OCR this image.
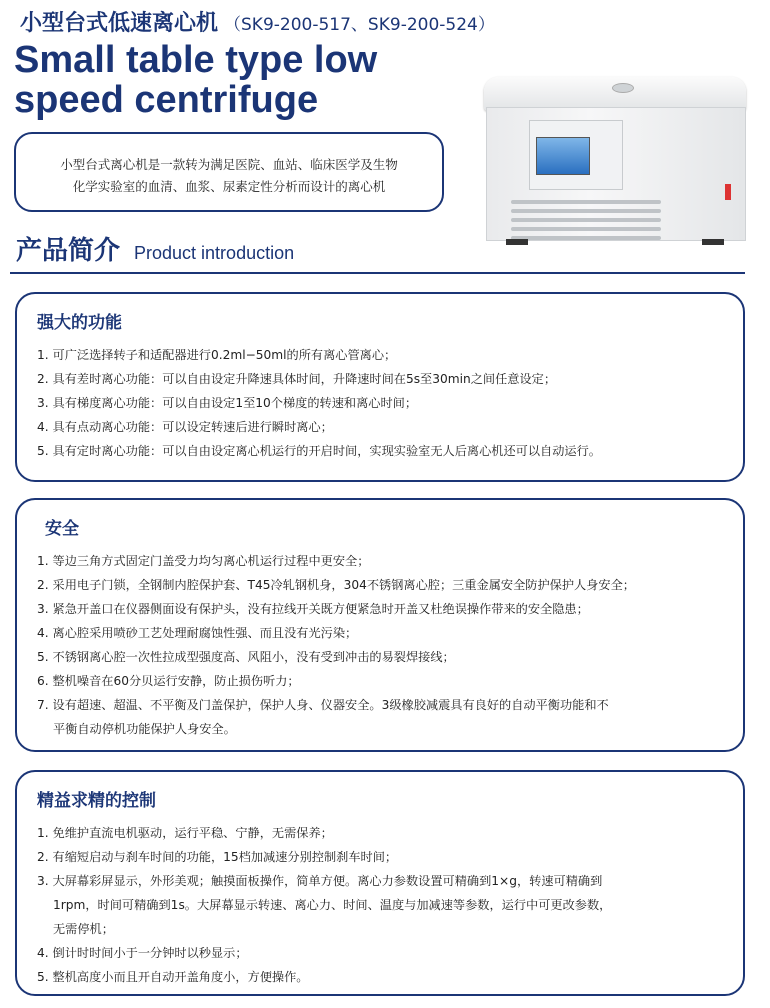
小型台式低速离心机 （SK9-200-517、SK9-200-524）
Small table type low
speed centrifuge
小型台式离心机是一款转为满足医院、血站、临床医学及生物
化学实验室的血清、血浆、尿素定性分析而设计的离心机
产品简介 Product introduction
强大的功能
1. 可广泛选择转子和适配器进行0.2ml−50ml的所有离心管离心；
2. 具有差时离心功能：可以自由设定升降速具体时间，升降速时间在5s至30min之间任意设定；
3. 具有梯度离心功能：可以自由设定1至10个梯度的转速和离心时间；
4. 具有点动离心功能：可以设定转速后进行瞬时离心；
5. 具有定时离心功能：可以自由设定离心机运行的开启时间，实现实验室无人后离心机还可以自动运行。
安全
1. 等边三角方式固定门盖受力均匀离心机运行过程中更安全；
2. 采用电子门锁，全钢制内腔保护套、T45冷轧钢机身，304不锈钢离心腔；三重金属安全防护保护人身安全；
3. 紧急开盖口在仪器侧面设有保护头，没有拉线开关既方便紧急时开盖又杜绝误操作带来的安全隐患；
4. 离心腔采用喷砂工艺处理耐腐蚀性强、而且没有光污染；
5. 不锈钢离心腔一次性拉成型强度高、风阻小，没有受到冲击的易裂焊接线；
6. 整机噪音在60分贝运行安静，防止损伤听力；
7. 设有超速、超温、不平衡及门盖保护，保护人身、仪器安全。3级橡胶减震具有良好的自动平衡功能和不
平衡自动停机功能保护人身安全。
精益求精的控制
1. 免维护直流电机驱动，运行平稳、宁静，无需保养；
2. 有缩短启动与刹车时间的功能，15档加减速分别控制刹车时间；
3. 大屏幕彩屏显示，外形美观；触摸面板操作，简单方便。离心力参数设置可精确到1×g，转速可精确到
1rpm，时间可精确到1s。大屏幕显示转速、离心力、时间、温度与加减速等参数，运行中可更改参数，
无需停机；
4. 倒计时时间小于一分钟时以秒显示；
5. 整机高度小而且开自动开盖角度小，方便操作。
